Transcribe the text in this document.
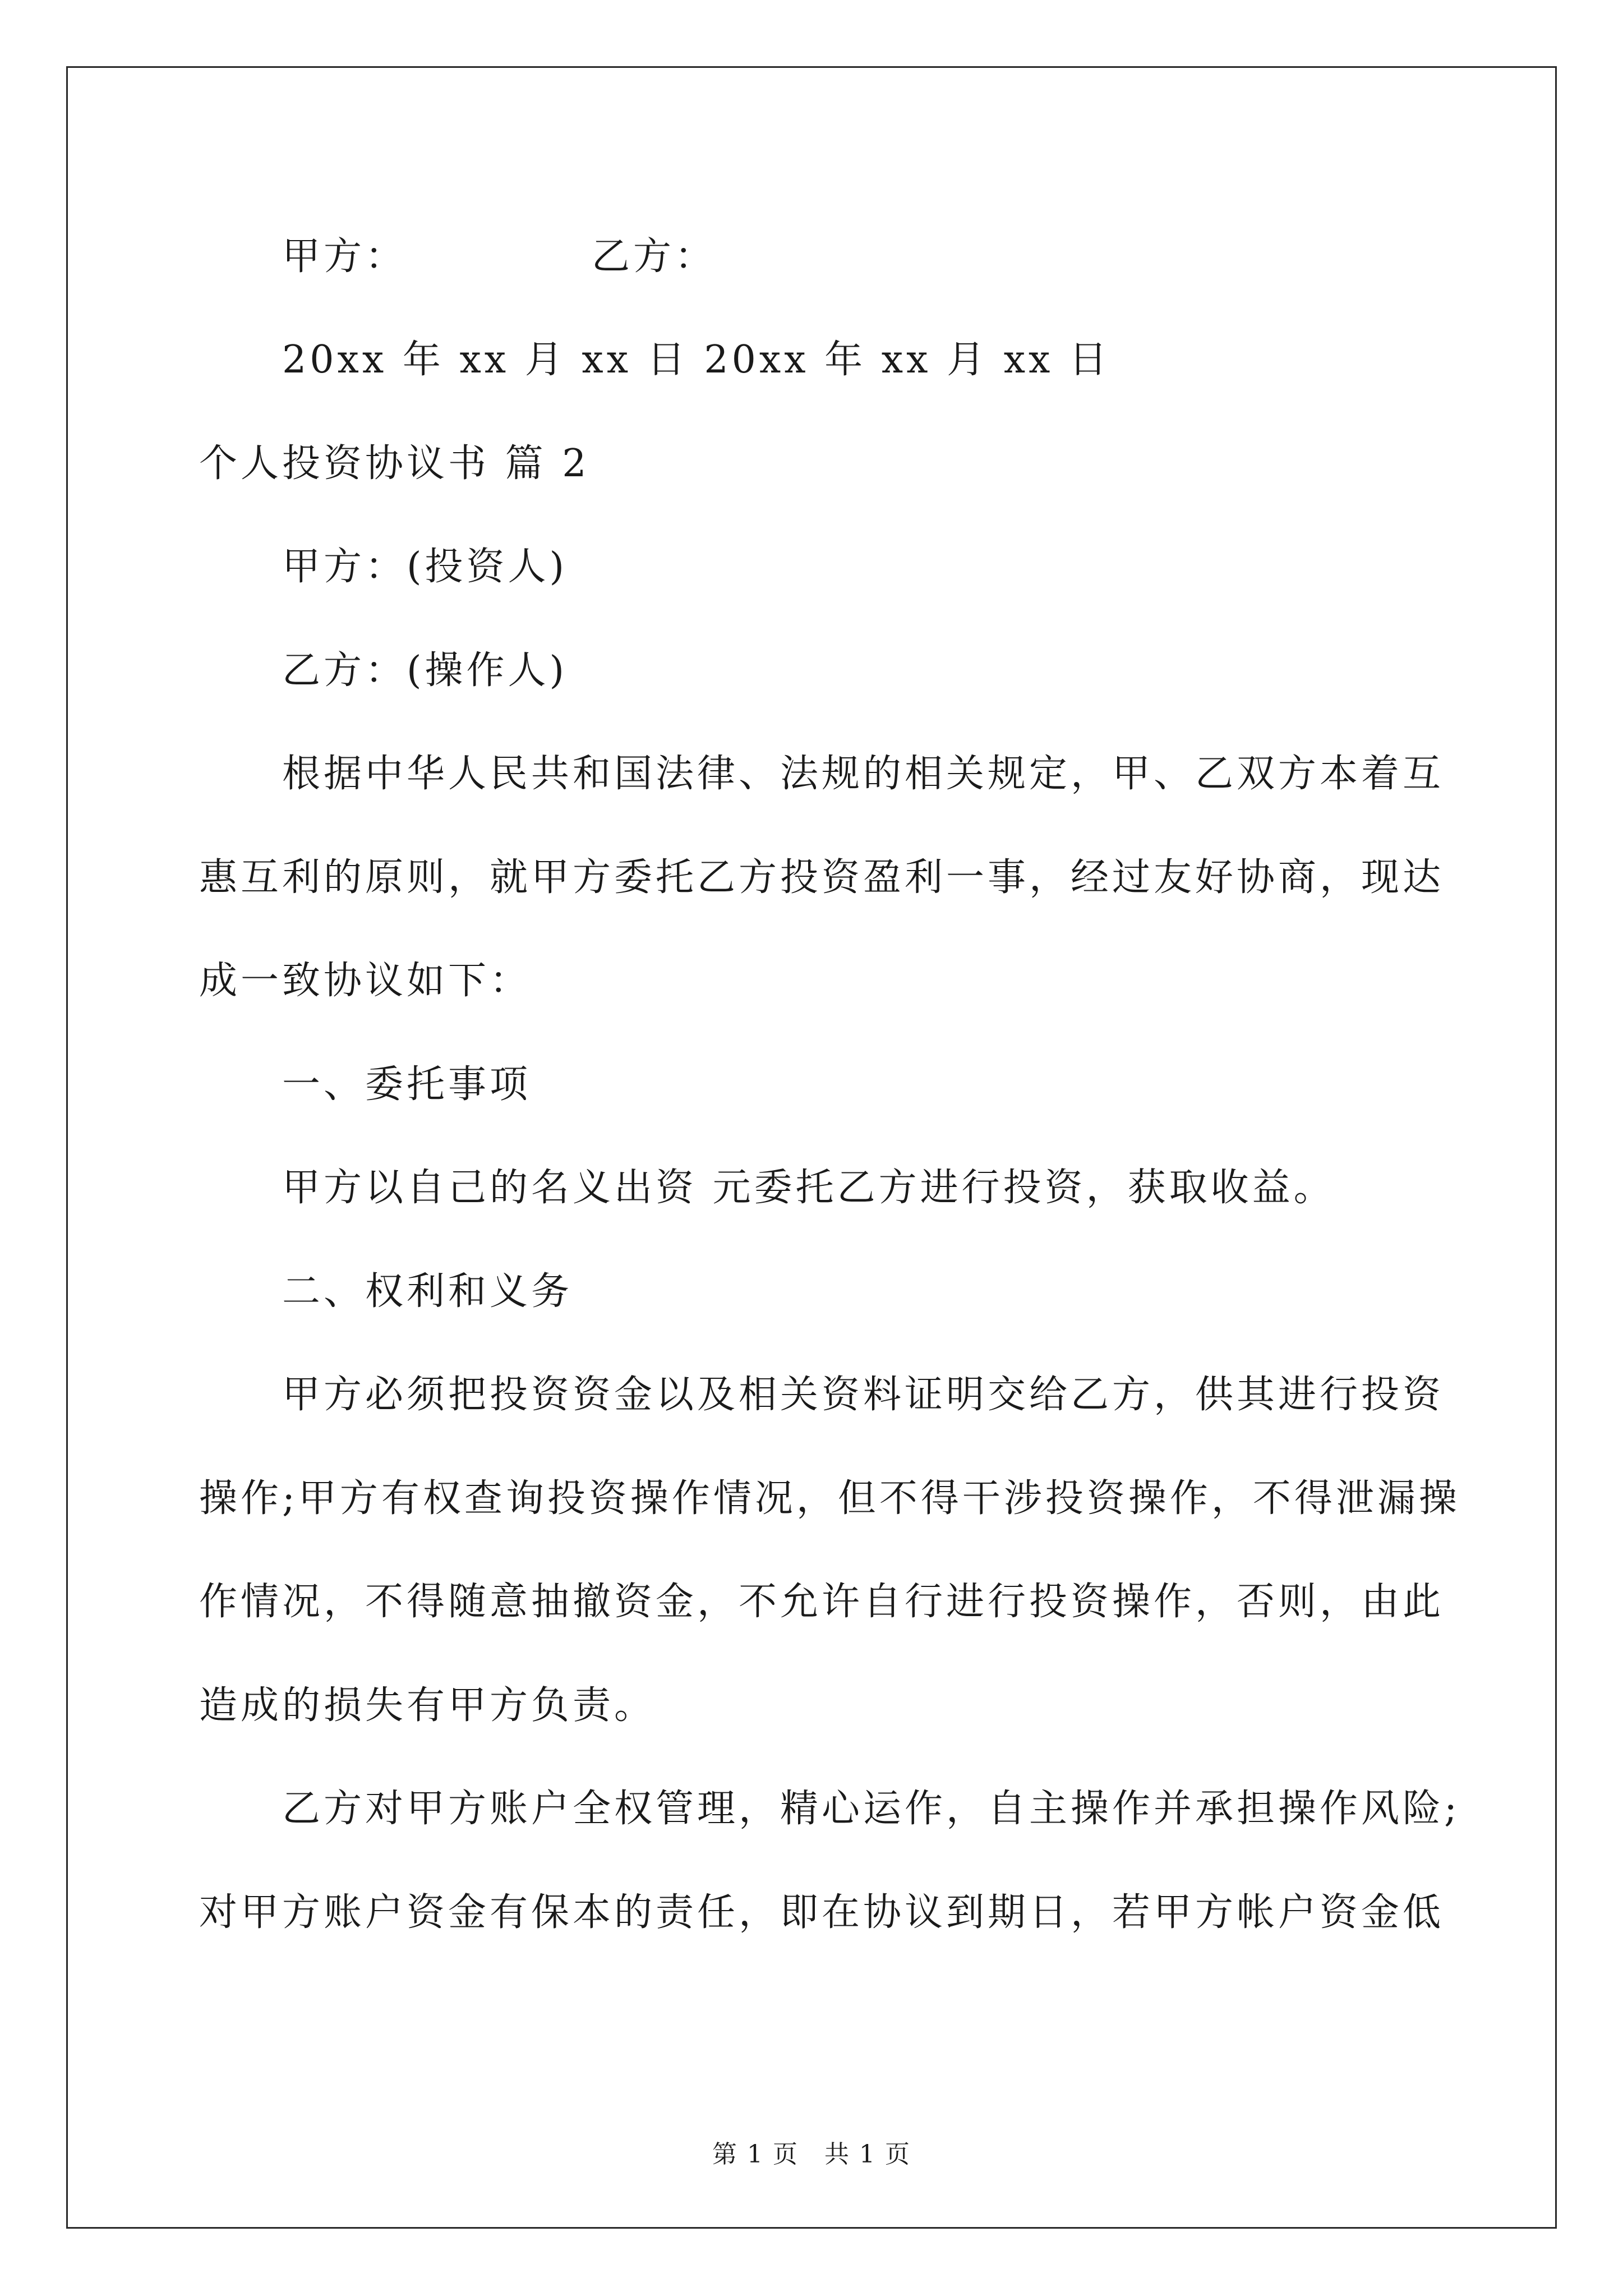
甲方：	乙方：
20xx 年 xx 月 xx 日 20xx 年 xx 月 xx 日
个人投资协议书 篇 2
甲方：(投资人)
乙方：(操作人)
根据中华人民共和国法律、法规的相关规定，甲、乙双方本着互
惠互利的原则，就甲方委托乙方投资盈利一事，经过友好协商，现达
成一致协议如下：
一、委托事项
甲方以自己的名义出资 元委托乙方进行投资，获取收益。
二、权利和义务
甲方必须把投资资金以及相关资料证明交给乙方，供其进行投资
操作;甲方有权查询投资操作情况，但不得干涉投资操作，不得泄漏操
作情况，不得随意抽撤资金，不允许自行进行投资操作，否则，由此
造成的损失有甲方负责。
乙方对甲方账户全权管理，精心运作，自主操作并承担操作风险;
对甲方账户资金有保本的责任，即在协议到期日，若甲方帐户资金低
第 1 页 共 1 页
